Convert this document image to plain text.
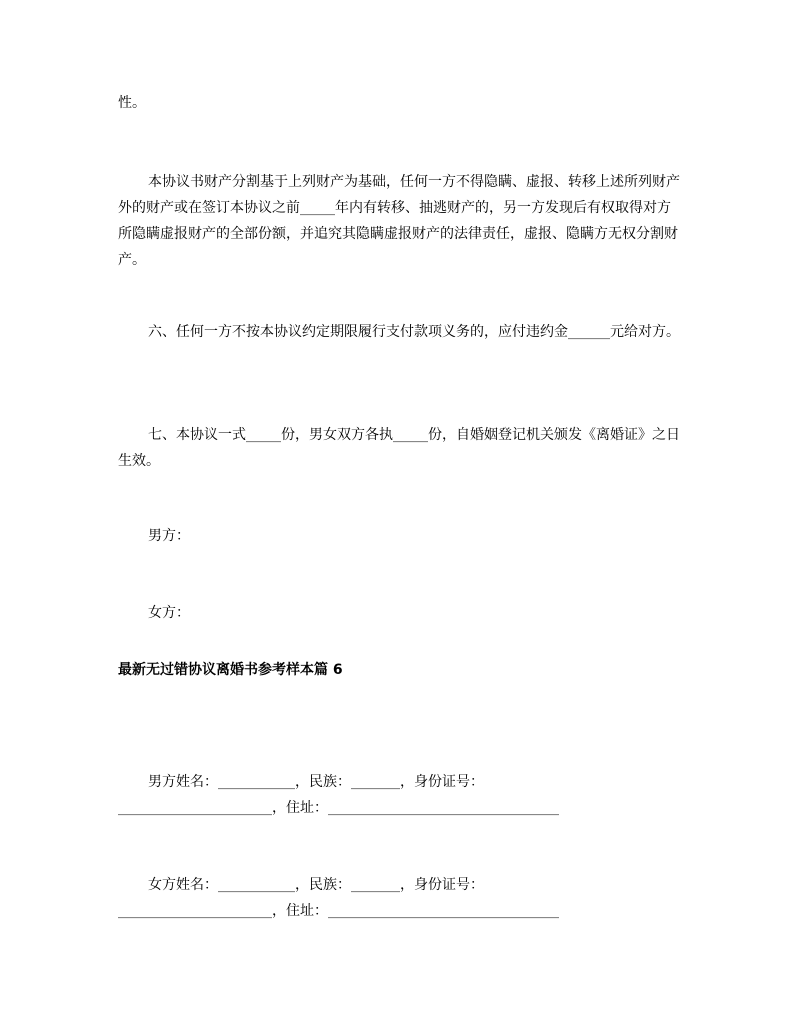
性。

本协议书财产分割基于上列财产为基础，任何一方不得隐瞒、虚报、转移上述所列财产外的财产或在签订本协议之前_____年内有转移、抽逃财产的，另一方发现后有权取得对方所隐瞒虚报财产的全部份额，并追究其隐瞒虚报财产的法律责任，虚报、隐瞒方无权分割财产。

六、任何一方不按本协议约定期限履行支付款项义务的，应付违约金______元给对方。

七、本协议一式_____份，男女双方各执_____份，自婚姻登记机关颁发《离婚证》之日生效。

男方：

女方：

最新无过错协议离婚书参考样本篇 6

男方姓名：___________，民族：_______，身份证号：

______________________，住址：_________________________________

女方姓名：___________，民族：_______，身份证号：

______________________，住址：_________________________________
